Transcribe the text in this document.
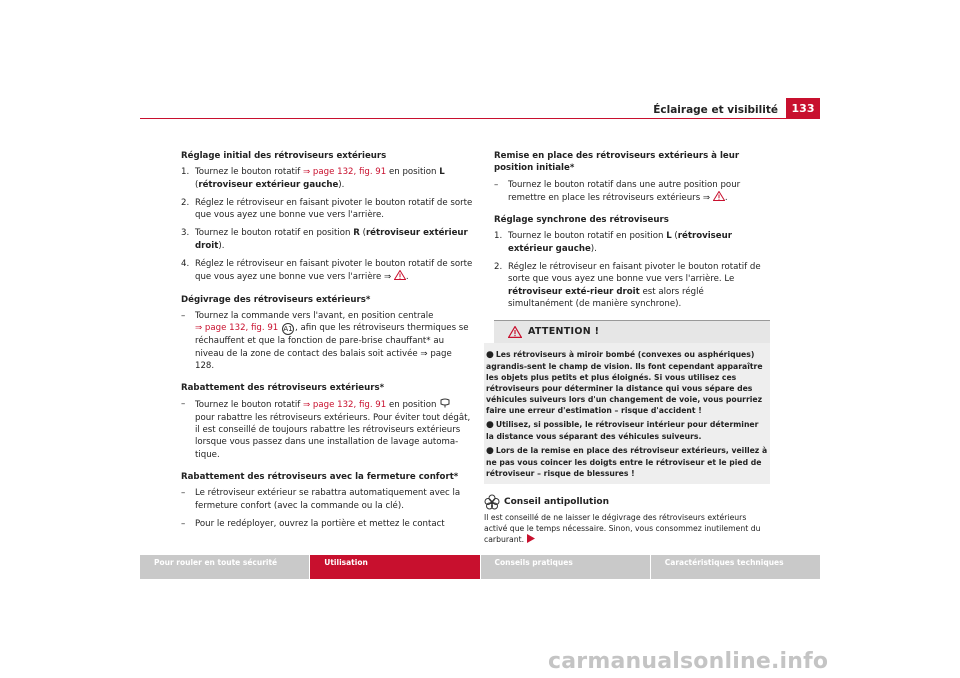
Éclairage et visibilité	133
Réglage initial des rétroviseurs extérieurs
1. Tournez le bouton rotatif ⇒ page 132, fig. 91 en position L
(rétroviseur extérieur gauche).
2. Réglez le rétroviseur en faisant pivoter le bouton rotatif de sorte que vous ayez une bonne vue vers l'arrière.
3. Tournez le bouton rotatif en position R (rétroviseur extérieur droit).
4. Réglez le rétroviseur en faisant pivoter le bouton rotatif de sorte que vous ayez une bonne vue vers l'arrière ⇒ .
Dégivrage des rétroviseurs extérieurs*
– Tournez la commande vers l'avant, en position centrale
⇒ page 132, fig. 91 A1 , afin que les rétroviseurs thermiques se réchauffent et que la fonction de pare-brise chauffant* au niveau de la zone de contact des balais soit activée ⇒ page 128.
Rabattement des rétroviseurs extérieurs*
– Tournez le bouton rotatif ⇒ page 132, fig. 91 en position  pour rabattre les rétroviseurs extérieurs. Pour éviter tout dégât, il est conseillé de toujours rabattre les rétroviseurs extérieurs lorsque vous passez dans une installation de lavage automa-tique.
Rabattement des rétroviseurs avec la fermeture confort*
– Le rétroviseur extérieur se rabattra automatiquement avec la fermeture confort (avec la commande ou la clé).
– Pour le redéployer, ouvrez la portière et mettez le contact
Remise en place des rétroviseurs extérieurs à leur position initiale*
– Tournez le bouton rotatif dans une autre position pour remettre en place les rétroviseurs extérieurs ⇒ .
Réglage synchrone des rétroviseurs
1. Tournez le bouton rotatif en position L (rétroviseur extérieur gauche).
2. Réglez le rétroviseur en faisant pivoter le bouton rotatif de sorte que vous ayez une bonne vue vers l'arrière. Le rétroviseur exté-rieur droit est alors réglé simultanément (de manière synchrone).
ATTENTION !

● Les rétroviseurs à miroir bombé (convexes ou asphériques) agrandis-sent le champ de vision. Ils font cependant apparaître les objets plus petits et plus éloignés. Si vous utilisez ces rétroviseurs pour déterminer la distance qui vous sépare des véhicules suiveurs lors d'un changement de voie, vous pourriez faire une erreur d'estimation – risque d'accident !

● Utilisez, si possible, le rétroviseur intérieur pour déterminer la distance vous séparant des véhicules suiveurs.

● Lors de la remise en place des rétroviseur extérieurs, veillez à ne pas vous coincer les doigts entre le rétroviseur et le pied de rétroviseur – risque de blessures !

Conseil antipollution
Il est conseillé de ne laisser le dégivrage des rétroviseurs extérieurs activé que le temps nécessaire. Sinon, vous consommez inutilement du carburant.
Pour rouler en toute sécurité	Utilisation	Conseils pratiques	Caractéristiques techniques
carmanualsonline.info
